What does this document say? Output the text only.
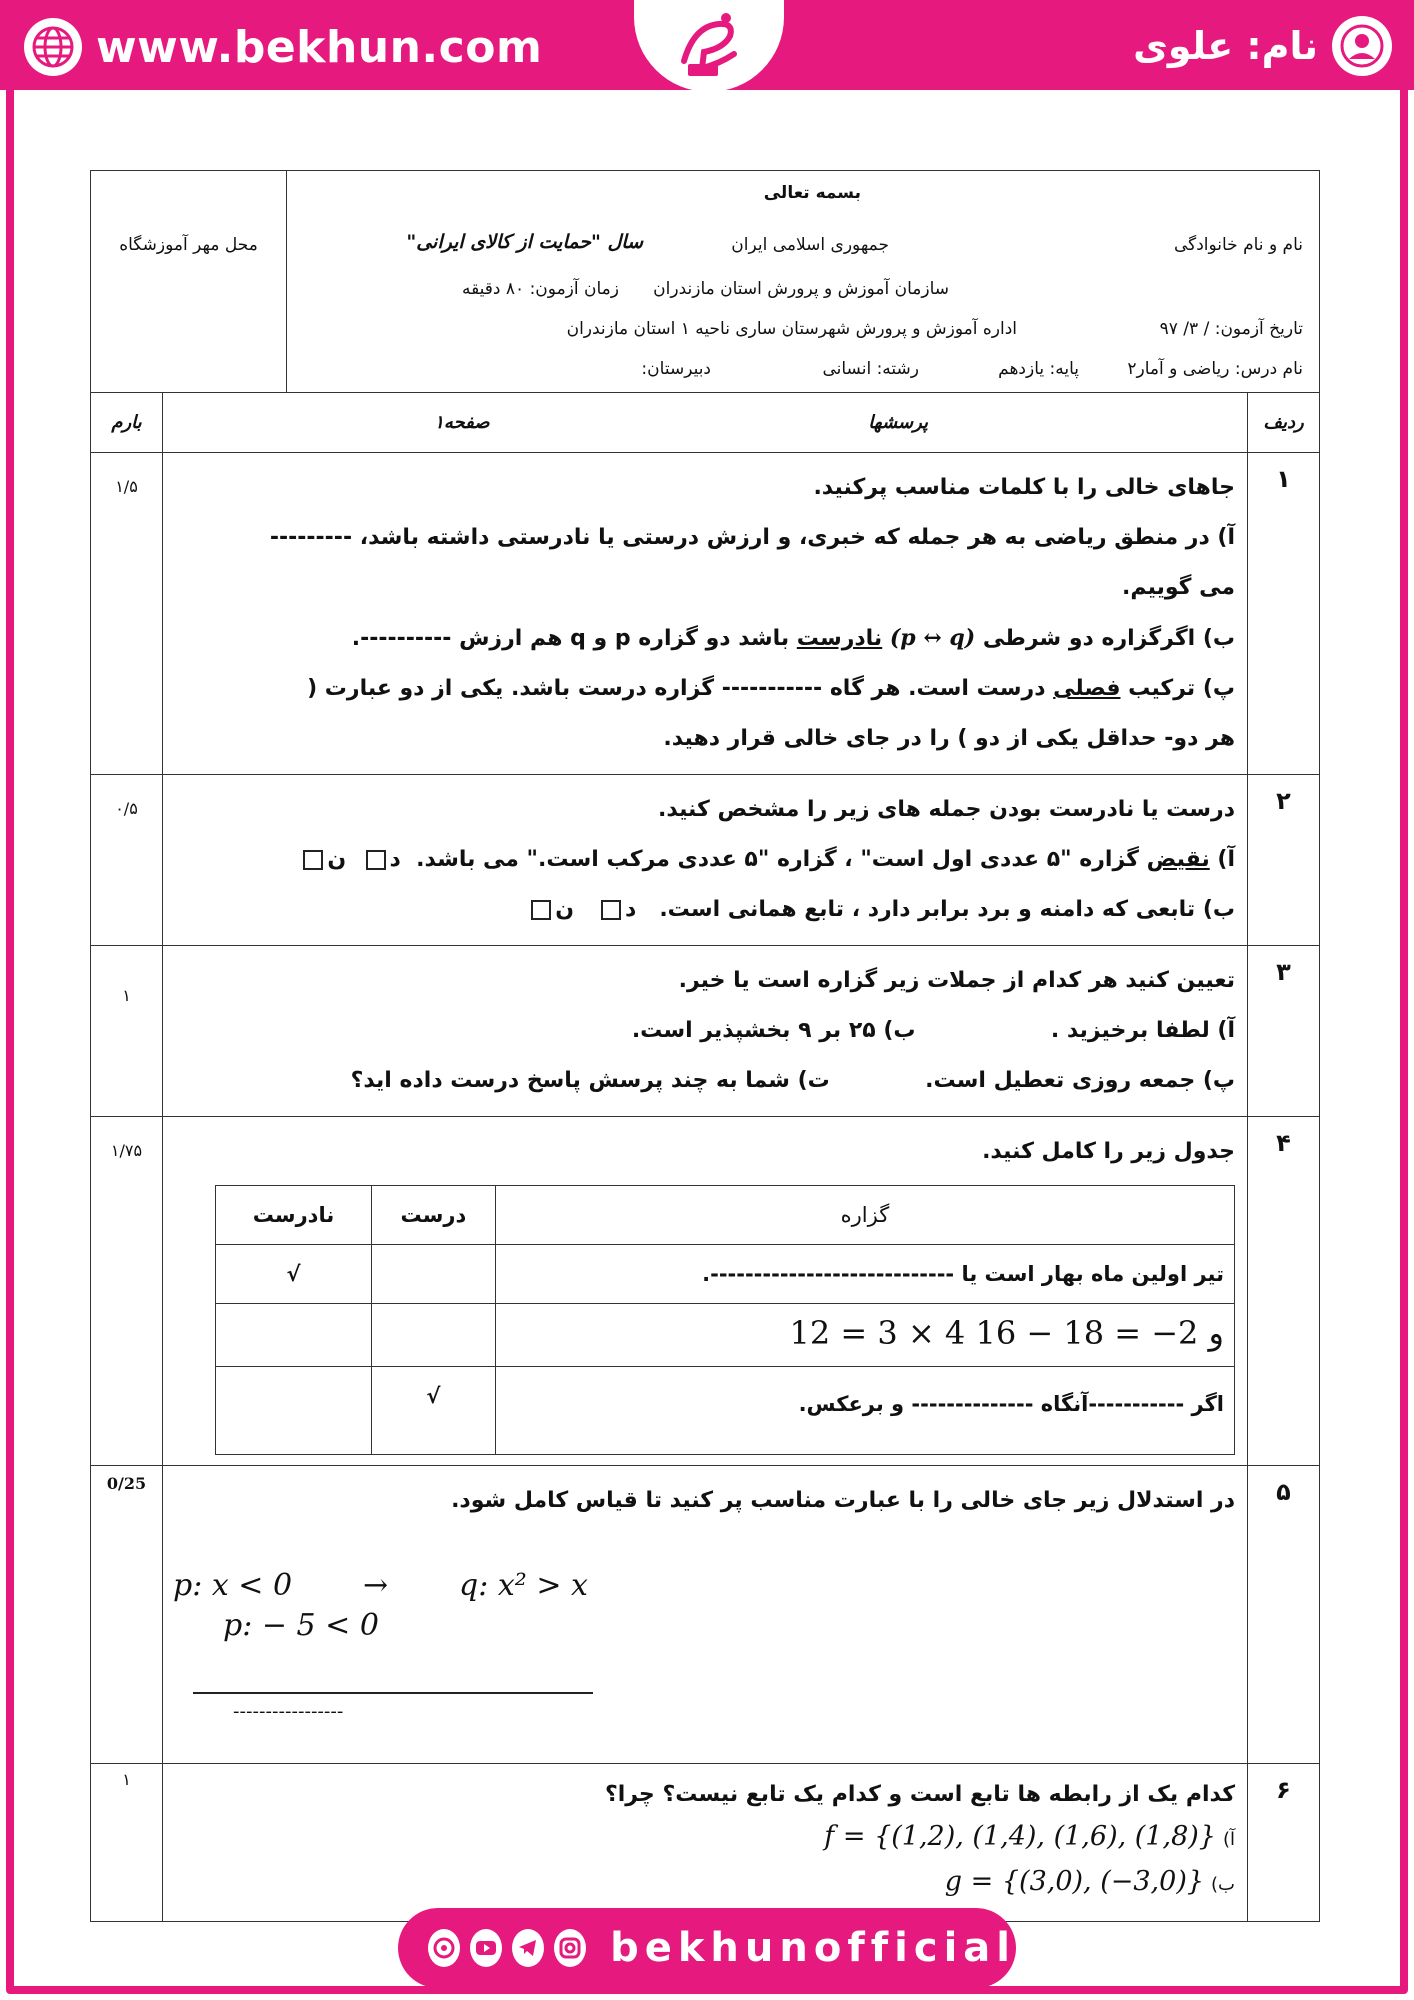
www.bekhun.com	نام: علوی
بسمه تعالی
نام و نام خانوادگی
جمهوری اسلامی ایران
سال "حمایت از کالای ایرانی"
سازمان آموزش و پرورش استان مازندران
زمان آزمون: ۸۰ دقیقه
تاریخ آزمون: / ۳/ ۹۷
اداره آموزش و پرورش شهرستان ساری ناحیه ۱ استان مازندران
نام درس: ریاضی و آمار۲
پایه: یازدهم
رشته: انسانی
دبیرستان:
محل مهر آموزشگاه
ردیف	پرسشها صفحه۱	بارم
۱	
جاهای خالی را با کلمات مناسب پرکنید.
آ) در منطق ریاضی به هر جمله که خبری، و ارزش درستی یا نادرستی داشته باشد، ---------
می گوییم.
ب) اگرگزاره دو شرطی (p ↔ q) نادرست باشد دو گزاره p و q هم ارزش ----------.
پ) ترکیب فصلی درست است. هر گاه ----------- گزاره درست باشد. یکی از دو عبارت (
هر دو- حداقل یکی از دو ) را در جای خالی قرار دهید.
	۱/۵
۲	
درست یا نادرست بودن جمله های زیر را مشخص کنید.
آ) نقیض گزاره "۵ عددی اول است" ، گزاره "۵ عددی مرکب است." می باشد.  د  ن
ب) تابعی که دامنه و برد برابر دارد ، تابع همانی است.   د   ن
	۰/۵
۳	
تعیین کنید هر کدام از جملات زیر گزاره است یا خیر.
آ) لطفا برخیزید .  ب) ۲۵ بر ۹ بخشپذیر است.
پ) جمعه روزی تعطیل است.  ت) شما به چند پرسش پاسخ درست داده اید؟
	۱
۴	
جدول زیر را کامل کنید.
گزاره	درست	نادرست
تیر اولین ماه بهار است یا ----------------------------.		√
12 = 3 × 4 و 2− = 18 − 16		
اگر -----------آنگاه -------------- و برعکس.	√	
	۱/۷۵
۵	
در استدلال زیر جای خالی را با عبارت مناسب پر کنید تا قیاس کامل شود.
p: x < 0 → q: x² > x
p: − 5 < 0
-----------------
	0/25
۶	
کدام یک از رابطه ها تابع است و کدام یک تابع نیست؟ چرا؟
آ) f = {(1,2), (1,4), (1,6), (1,8)}
ب) g = {(3,0), (−3,0)}
	۱
bekhunofficial
